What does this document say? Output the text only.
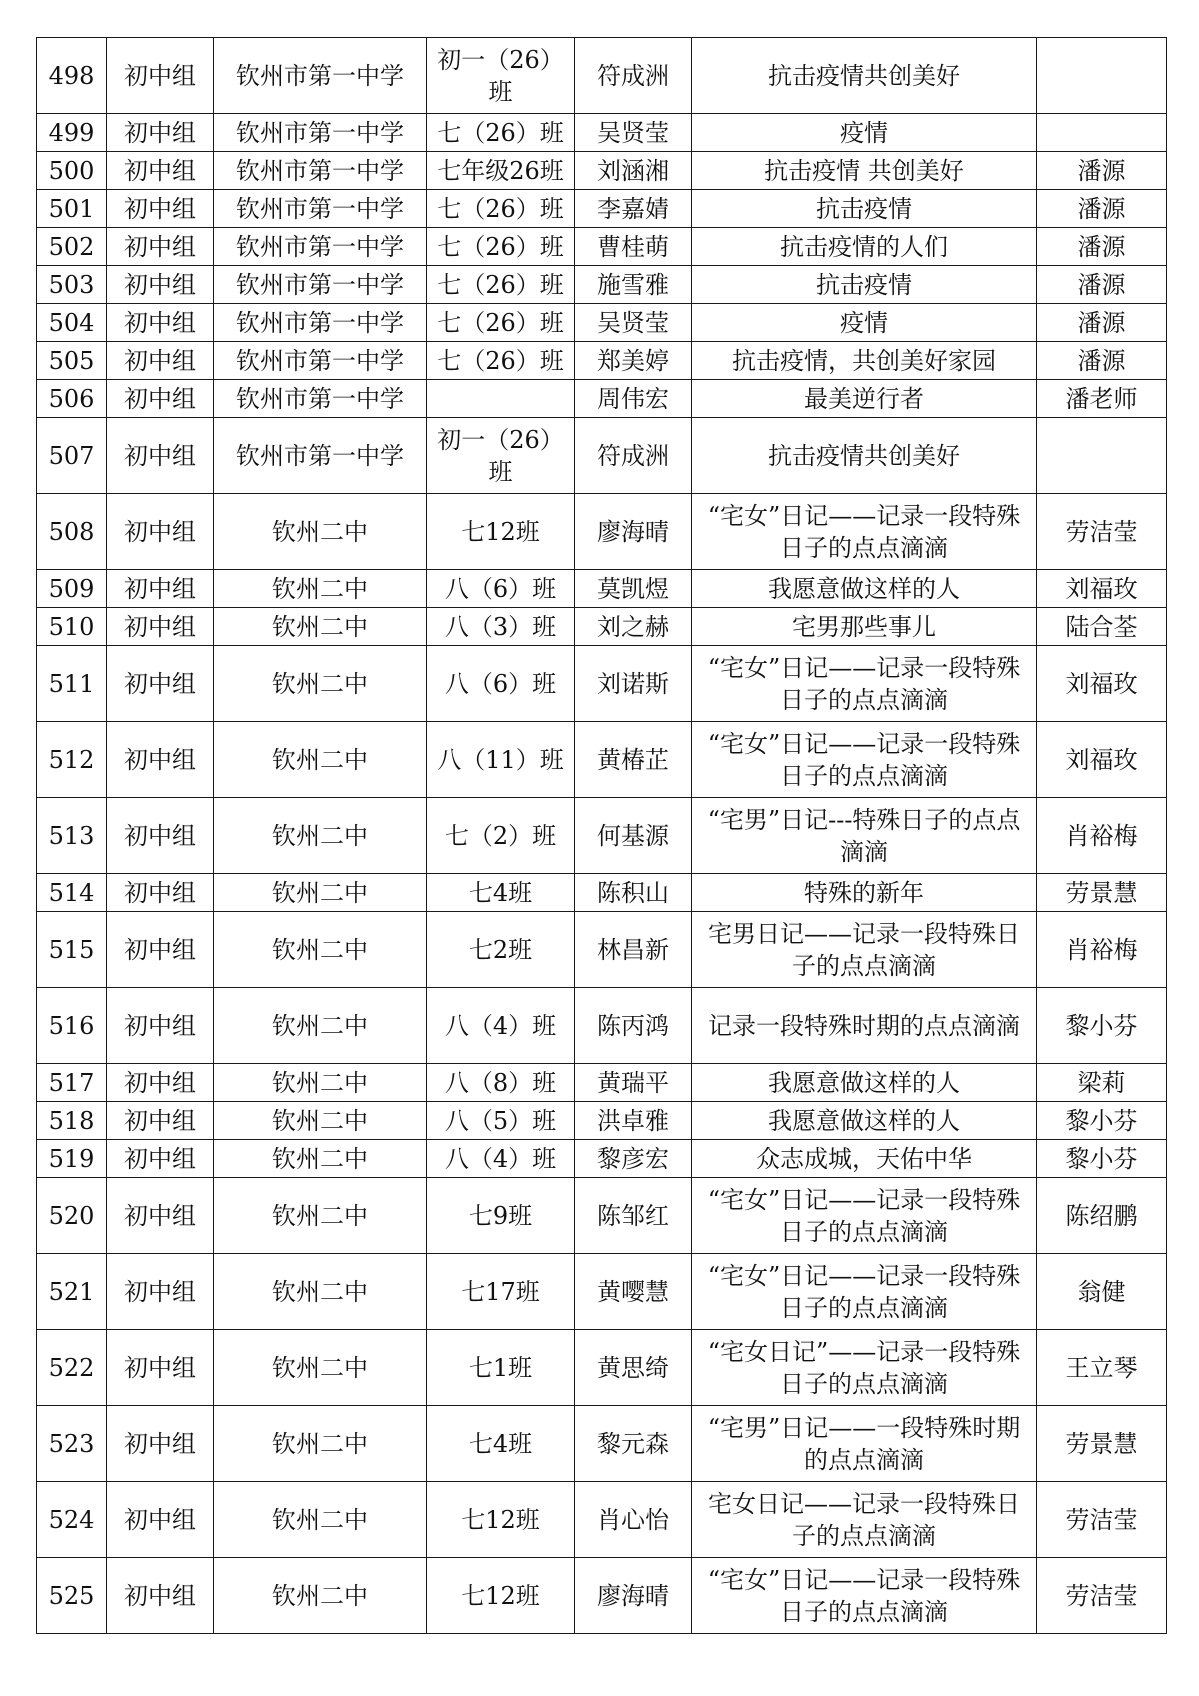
498	初中组	钦州市第一中学	初一（26）班	符成洲	抗击疫情共创美好	
499	初中组	钦州市第一中学	七（26）班	吴贤莹	疫情	
500	初中组	钦州市第一中学	七年级26班	刘涵湘	抗击疫情 共创美好	潘源
501	初中组	钦州市第一中学	七（26）班	李嘉婧	抗击疫情	潘源
502	初中组	钦州市第一中学	七（26）班	曹桂萌	抗击疫情的人们	潘源
503	初中组	钦州市第一中学	七（26）班	施雪雅	抗击疫情	潘源
504	初中组	钦州市第一中学	七（26）班	吴贤莹	疫情	潘源
505	初中组	钦州市第一中学	七（26）班	郑美婷	抗击疫情，共创美好家园	潘源
506	初中组	钦州市第一中学		周伟宏	最美逆行者	潘老师
507	初中组	钦州市第一中学	初一（26）班	符成洲	抗击疫情共创美好	
508	初中组	钦州二中	七12班	廖海晴	“宅女”日记——记录一段特殊日子的点点滴滴	劳洁莹
509	初中组	钦州二中	八（6）班	莫凯煜	我愿意做这样的人	刘福玫
510	初中组	钦州二中	八（3）班	刘之赫	宅男那些事儿	陆合荃
511	初中组	钦州二中	八（6）班	刘诺斯	“宅女”日记——记录一段特殊日子的点点滴滴	刘福玫
512	初中组	钦州二中	八（11）班	黄椿芷	“宅女”日记——记录一段特殊日子的点点滴滴	刘福玫
513	初中组	钦州二中	七（2）班	何基源	“宅男”日记---特殊日子的点点滴滴	肖裕梅
514	初中组	钦州二中	七4班	陈积山	特殊的新年	劳景慧
515	初中组	钦州二中	七2班	林昌新	宅男日记——记录一段特殊日子的点点滴滴	肖裕梅
516	初中组	钦州二中	八（4）班	陈丙鸿	记录一段特殊时期的点点滴滴	黎小芬
517	初中组	钦州二中	八（8）班	黄瑞平	我愿意做这样的人	梁莉
518	初中组	钦州二中	八（5）班	洪卓雅	我愿意做这样的人	黎小芬
519	初中组	钦州二中	八（4）班	黎彦宏	众志成城，天佑中华	黎小芬
520	初中组	钦州二中	七9班	陈邹红	“宅女”日记——记录一段特殊日子的点点滴滴	陈绍鹏
521	初中组	钦州二中	七17班	黄嘤慧	“宅女”日记——记录一段特殊日子的点点滴滴	翁健
522	初中组	钦州二中	七1班	黄思绮	“宅女日记”——记录一段特殊日子的点点滴滴	王立琴
523	初中组	钦州二中	七4班	黎元森	“宅男”日记——一段特殊时期的点点滴滴	劳景慧
524	初中组	钦州二中	七12班	肖心怡	宅女日记——记录一段特殊日子的点点滴滴	劳洁莹
525	初中组	钦州二中	七12班	廖海晴	“宅女”日记——记录一段特殊日子的点点滴滴	劳洁莹
